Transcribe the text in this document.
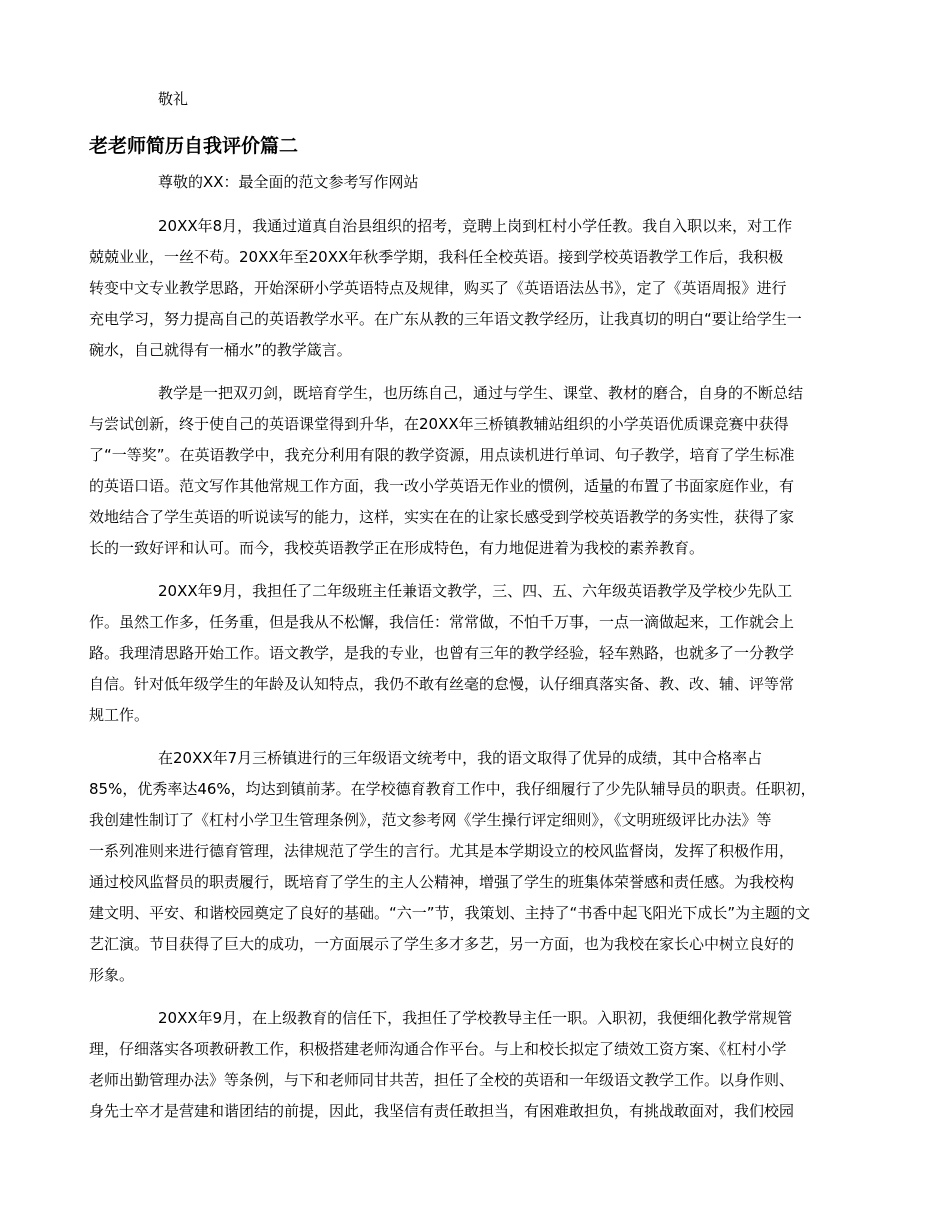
敬礼
老老师简历自我评价篇二
尊敬的XX：最全面的范文参考写作网站
20XX年8月，我通过道真自治县组织的招考，竞聘上岗到杠村小学任教。我自入职以来，对工作
兢兢业业，一丝不苟。20XX年至20XX年秋季学期，我科任全校英语。接到学校英语教学工作后，我积极
转变中文专业教学思路，开始深研小学英语特点及规律，购买了《英语语法丛书》，定了《英语周报》进行
充电学习，努力提高自己的英语教学水平。在广东从教的三年语文教学经历，让我真切的明白“要让给学生一
碗水，自己就得有一桶水”的教学箴言。
教学是一把双刃剑，既培育学生，也历练自己，通过与学生、课堂、教材的磨合，自身的不断总结
与尝试创新，终于使自己的英语课堂得到升华，在20XX年三桥镇教辅站组织的小学英语优质课竞赛中获得
了“一等奖”。在英语教学中，我充分利用有限的教学资源，用点读机进行单词、句子教学，培育了学生标准
的英语口语。范文写作其他常规工作方面，我一改小学英语无作业的惯例，适量的布置了书面家庭作业，有
效地结合了学生英语的听说读写的能力，这样，实实在在的让家长感受到学校英语教学的务实性，获得了家
长的一致好评和认可。而今，我校英语教学正在形成特色，有力地促进着为我校的素养教育。
20XX年9月，我担任了二年级班主任兼语文教学，三、四、五、六年级英语教学及学校少先队工
作。虽然工作多，任务重，但是我从不松懈，我信任：常常做，不怕千万事，一点一滴做起来，工作就会上
路。我理清思路开始工作。语文教学，是我的专业，也曾有三年的教学经验，轻车熟路，也就多了一分教学
自信。针对低年级学生的年龄及认知特点，我仍不敢有丝毫的怠慢，认仔细真落实备、教、改、辅、评等常
规工作。
在20XX年7月三桥镇进行的三年级语文统考中，我的语文取得了优异的成绩，其中合格率占
85%，优秀率达46%，均达到镇前茅。在学校德育教育工作中，我仔细履行了少先队辅导员的职责。任职初，
我创建性制订了《杠村小学卫生管理条例》，范文参考网《学生操行评定细则》，《文明班级评比办法》等
一系列准则来进行德育管理，法律规范了学生的言行。尤其是本学期设立的校风监督岗，发挥了积极作用，
通过校风监督员的职责履行，既培育了学生的主人公精神，增强了学生的班集体荣誉感和责任感。为我校构
建文明、平安、和谐校园奠定了良好的基础。“六一”节，我策划、主持了“书香中起飞阳光下成长”为主题的文
艺汇演。节目获得了巨大的成功，一方面展示了学生多才多艺，另一方面，也为我校在家长心中树立良好的
形象。
20XX年9月，在上级教育的信任下，我担任了学校教导主任一职。入职初，我便细化教学常规管
理，仔细落实各项教研教工作，积极搭建老师沟通合作平台。与上和校长拟定了绩效工资方案、《杠村小学
老师出勤管理办法》等条例，与下和老师同甘共苦，担任了全校的英语和一年级语文教学工作。以身作则、
身先士卒才是营建和谐团结的前提，因此，我坚信有责任敢担当，有困难敢担负，有挑战敢面对，我们校园
